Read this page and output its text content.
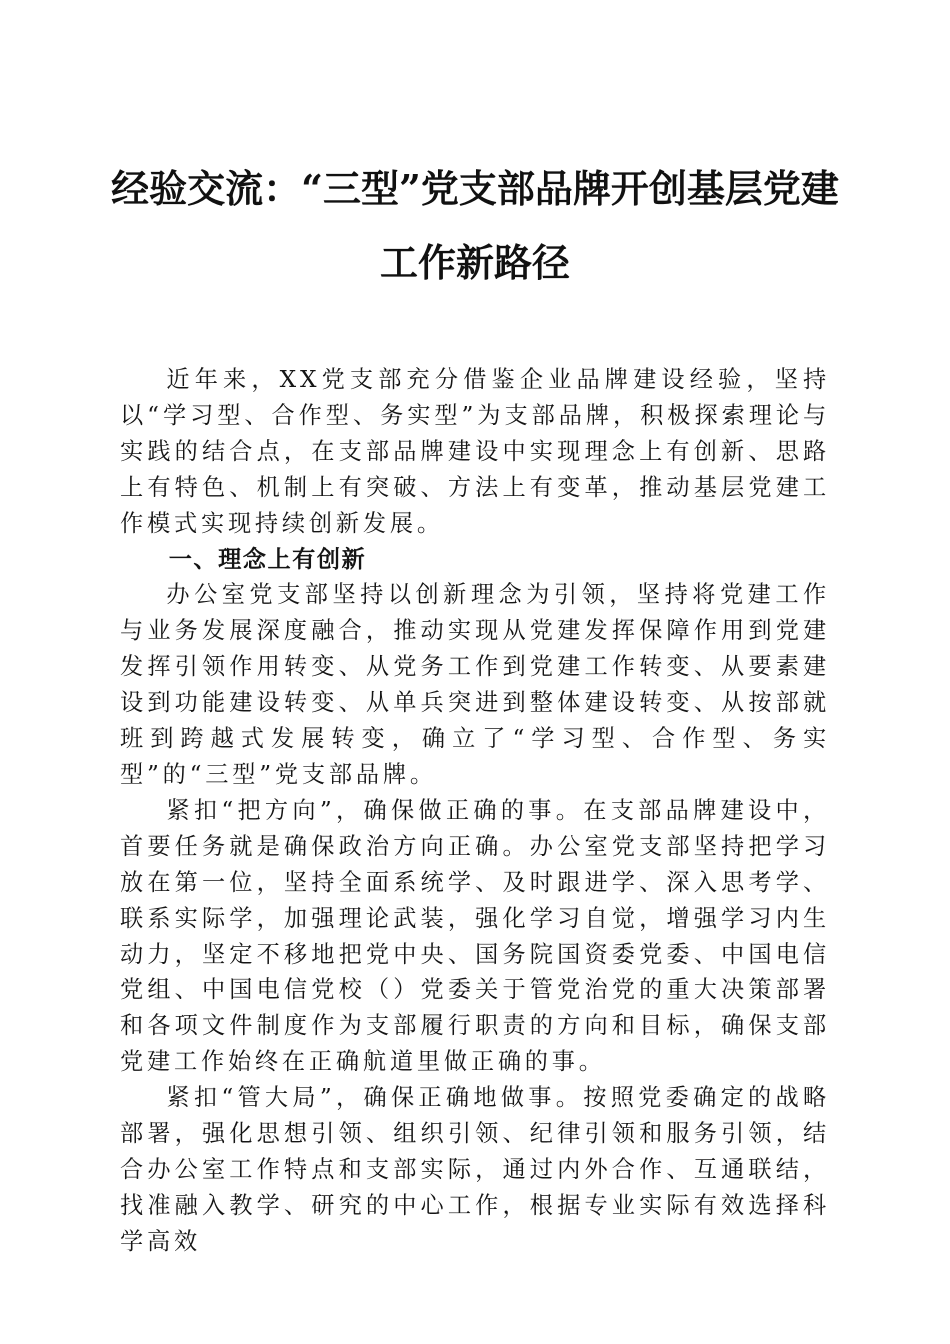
经验交流：“三型”党支部品牌开创基层党建
工作新路径

近年来，XX党支部充分借鉴企业品牌建设经验，坚持以“学习型、合作型、务实型”为支部品牌，积极探索理论与实践的结合点，在支部品牌建设中实现理念上有创新、思路上有特色、机制上有突破、方法上有变革，推动基层党建工作模式实现持续创新发展。

一、理念上有创新

办公室党支部坚持以创新理念为引领，坚持将党建工作与业务发展深度融合，推动实现从党建发挥保障作用到党建发挥引领作用转变、从党务工作到党建工作转变、从要素建设到功能建设转变、从单兵突进到整体建设转变、从按部就班到跨越式发展转变，确立了“学习型、合作型、务实型”的“三型”党支部品牌。

紧扣“把方向”，确保做正确的事。在支部品牌建设中，首要任务就是确保政治方向正确。办公室党支部坚持把学习放在第一位，坚持全面系统学、及时跟进学、深入思考学、联系实际学，加强理论武装，强化学习自觉，增强学习内生动力，坚定不移地把党中央、国务院国资委党委、中国电信党组、中国电信党校（）党委关于管党治党的重大决策部署和各项文件制度作为支部履行职责的方向和目标，确保支部党建工作始终在正确航道里做正确的事。

紧扣“管大局”，确保正确地做事。按照党委确定的战略部署，强化思想引领、组织引领、纪律引领和服务引领，结合办公室工作特点和支部实际，通过内外合作、互通联结，找准融入教学、研究的中心工作，根据专业实际有效选择科学高效
